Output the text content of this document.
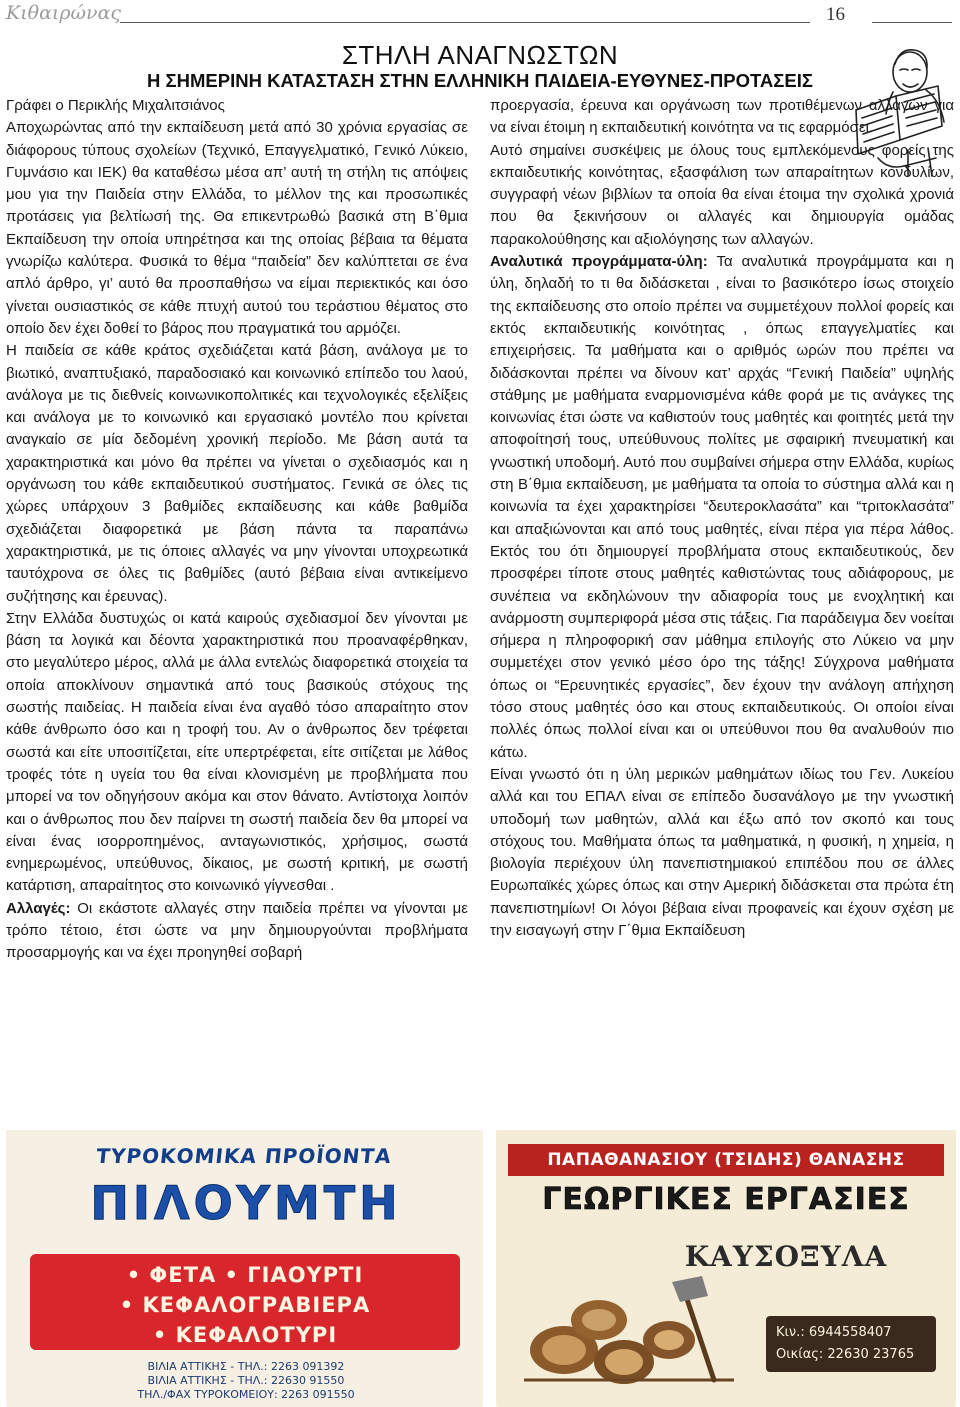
Κιθαιρώνας	16
ΣΤΗΛΗ ΑΝΑΓΝΩΣΤΩΝ
Η ΣΗΜΕΡΙΝΗ ΚΑΤΑΣΤΑΣΗ ΣΤΗΝ ΕΛΛΗΝΙΚΗ ΠΑΙΔΕΙΑ-ΕΥΘΥΝΕΣ-ΠΡΟΤΑΣΕΙΣ

Γράφει ο Περικλής Μιχαλιτσιάνος

Αποχωρώντας από την εκπαίδευση μετά από 30 χρόνια εργασίας σε διάφορους τύπους σχολείων (Τεχνικό, Επαγγελματικό, Γενικό Λύκειο, Γυμνάσιο και ΙΕΚ) θα καταθέσω μέσα απ’ αυτή τη στήλη τις απόψεις μου για την Παιδεία στην Ελλάδα, το μέλλον της και προσωπικές προτάσεις για βελτίωσή της. Θα επικεντρωθώ βασικά στη Β΄θμια Εκπαίδευση την οποία υπηρέτησα και της οποίας βέβαια τα θέματα γνωρίζω καλύτερα. Φυσικά το θέμα “παιδεία” δεν καλύπτεται σε ένα απλό άρθρο, γι’ αυτό θα προσπαθήσω να είμαι περιεκτικός και όσο γίνεται ουσιαστικός σε κάθε πτυχή αυτού του τεράστιου θέματος στο οποίο δεν έχει δοθεί το βάρος που πραγματικά του αρμόζει.

Η παιδεία σε κάθε κράτος σχεδιάζεται κατά βάση, ανάλογα με το βιωτικό, αναπτυξιακό, παραδοσιακό και κοινωνικό επίπεδο του λαού, ανάλογα με τις διεθνείς κοινωνικοπολιτικές και τεχνολογικές εξελίξεις και ανάλογα με το κοινωνικό και εργασιακό μοντέλο που κρίνεται αναγκαίο σε μία δεδομένη χρονική περίοδο. Με βάση αυτά τα χαρακτηριστικά και μόνο θα πρέπει να γίνεται ο σχεδιασμός και η οργάνωση του κάθε εκπαιδευτικού συστήματος. Γενικά σε όλες τις χώρες υπάρχουν 3 βαθμίδες εκπαίδευσης και κάθε βαθμίδα σχεδιάζεται διαφορετικά με βάση πάντα τα παραπάνω χαρακτηριστικά, με τις όποιες αλλαγές να μην γίνονται υποχρεωτικά ταυτόχρονα σε όλες τις βαθμίδες (αυτό βέβαια είναι αντικείμενο συζήτησης και έρευνας).

Στην Ελλάδα δυστυχώς οι κατά καιρούς σχεδιασμοί δεν γίνονται με βάση τα λογικά και δέοντα χαρακτηριστικά που προαναφέρθηκαν, στο μεγαλύτερο μέρος, αλλά με άλλα εντελώς διαφορετικά στοιχεία τα οποία αποκλίνουν σημαντικά από τους βασικούς στόχους της σωστής παιδείας. Η παιδεία είναι ένα αγαθό τόσο απαραίτητο στον κάθε άνθρωπο όσο και η τροφή του. Αν ο άνθρωπος δεν τρέφεται σωστά και είτε υποσιτίζεται, είτε υπερτρέφεται, είτε σιτίζεται με λάθος τροφές τότε η υγεία του θα είναι κλονισμένη με προβλήματα που μπορεί να τον οδηγήσουν ακόμα και στον θάνατο. Αντίστοιχα λοιπόν και ο άνθρωπος που δεν παίρνει τη σωστή παιδεία δεν θα μπορεί να είναι ένας ισορροπημένος, ανταγωνιστικός, χρήσιμος, σωστά ενημερωμένος, υπεύθυνος, δίκαιος, με σωστή κριτική, με σωστή κατάρτιση, απαραίτητος στο κοινωνικό γίγνεσθαι .

Αλλαγές: Οι εκάστοτε αλλαγές στην παιδεία πρέπει να γίνονται με τρόπο τέτοιο, έτσι ώστε να μην δημιουργούνται προβλήματα προσαρμογής και να έχει προηγηθεί σοβαρή

προεργασία, έρευνα και οργάνωση των προτιθέμενων αλλαγών για να είναι έτοιμη η εκπαιδευτική κοινότητα να τις εφαρμόσει.

Αυτό σημαίνει συσκέψεις με όλους τους εμπλεκόμενους φορείς της εκπαιδευτικής κοινότητας, εξασφάλιση των απαραίτητων κονδυλίων, συγγραφή νέων βιβλίων τα οποία θα είναι έτοιμα την σχολικά χρονιά που θα ξεκινήσουν οι αλλαγές και δημιουργία ομάδας παρακολούθησης και αξιολόγησης των αλλαγών.

Αναλυτικά προγράμματα-ύλη: Τα αναλυτικά προγράμματα και η ύλη, δηλαδή το τι θα διδάσκεται , είναι το βασικότερο ίσως στοιχείο της εκπαίδευσης στο οποίο πρέπει να συμμετέχουν πολλοί φορείς και εκτός εκπαιδευτικής κοινότητας , όπως επαγγελματίες και επιχειρήσεις. Τα μαθήματα και ο αριθμός ωρών που πρέπει να διδάσκονται πρέπει να δίνουν κατ’ αρχάς “Γενική Παιδεία” υψηλής στάθμης με μαθήματα εναρμονισμένα κάθε φορά με τις ανάγκες της κοινωνίας έτσι ώστε να καθιστούν τους μαθητές και φοιτητές μετά την αποφοίτησή τους, υπεύθυνους πολίτες με σφαιρική πνευματική και γνωστική υποδομή. Αυτό που συμβαίνει σήμερα στην Ελλάδα, κυρίως στη Β΄θμια εκπαίδευση, με μαθήματα τα οποία το σύστημα αλλά και η κοινωνία τα έχει χαρακτηρίσει “δευτεροκλασάτα” και “τριτοκλασάτα” και απαξιώνονται και από τους μαθητές, είναι πέρα για πέρα λάθος. Εκτός του ότι δημιουργεί προβλήματα στους εκπαιδευτικούς, δεν προσφέρει τίποτε στους μαθητές καθιστώντας τους αδιάφορους, με συνέπεια να εκδηλώνουν την αδιαφορία τους με ενοχλητική και ανάρμοστη συμπεριφορά μέσα στις τάξεις. Για παράδειγμα δεν νοείται σήμερα η πληροφορική σαν μάθημα επιλογής στο Λύκειο να μην συμμετέχει στον γενικό μέσο όρο της τάξης! Σύγχρονα μαθήματα όπως οι “Ερευνητικές εργασίες”, δεν έχουν την ανάλογη απήχηση τόσο στους μαθητές όσο και στους εκπαιδευτικούς. Οι οποίοι είναι πολλές όπως πολλοί είναι και οι υπεύθυνοι που θα αναλυθούν πιο κάτω.

Είναι γνωστό ότι η ύλη μερικών μαθημάτων ιδίως του Γεν. Λυκείου αλλά και του ΕΠΑΛ είναι σε επίπεδο δυσανάλογο με την γνωστική υποδομή των μαθητών, αλλά και έξω από τον σκοπό και τους στόχους του. Μαθήματα όπως τα μαθηματικά, η φυσική, η χημεία, η βιολογία περιέχουν ύλη πανεπιστημιακού επιπέδου που σε άλλες Ευρωπαϊκές χώρες όπως και στην Αμερική διδάσκεται στα πρώτα έτη πανεπιστημίων! Οι λόγοι βέβαια είναι προφανείς και έχουν σχέση με την εισαγωγή στην Γ΄θμια Εκπαίδευση

ΤΥΡΟΚΟΜΙΚΑ ΠΡΟΪΟΝΤΑ
ΠΙΛΟΥΜΤΗ
• ΦΕΤΑ • ΓΙΑΟΥΡΤΙ
• ΚΕΦΑΛΟΓΡΑΒΙΕΡΑ
• ΚΕΦΑΛΟΤΥΡΙ
ΒΙΛΙΑ ΑΤΤΙΚΗΣ - ΤΗΛ.: 2263 091392
ΒΙΛΙΑ ΑΤΤΙΚΗΣ - ΤΗΛ.: 22630 91550
ΤΗΛ./ΦΑΧ ΤΥΡΟΚΟΜΕΙΟΥ: 2263 091550
ΠΑΠΑΘΑΝΑΣΙΟΥ (ΤΣΙΔΗΣ) ΘΑΝΑΣΗΣ
ΓΕΩΡΓΙΚΕΣ ΕΡΓΑΣΙΕΣ
ΚΑΥΣΟΞΥΛΑ
Κιν.: 6944558407
Οικίας: 22630 23765
